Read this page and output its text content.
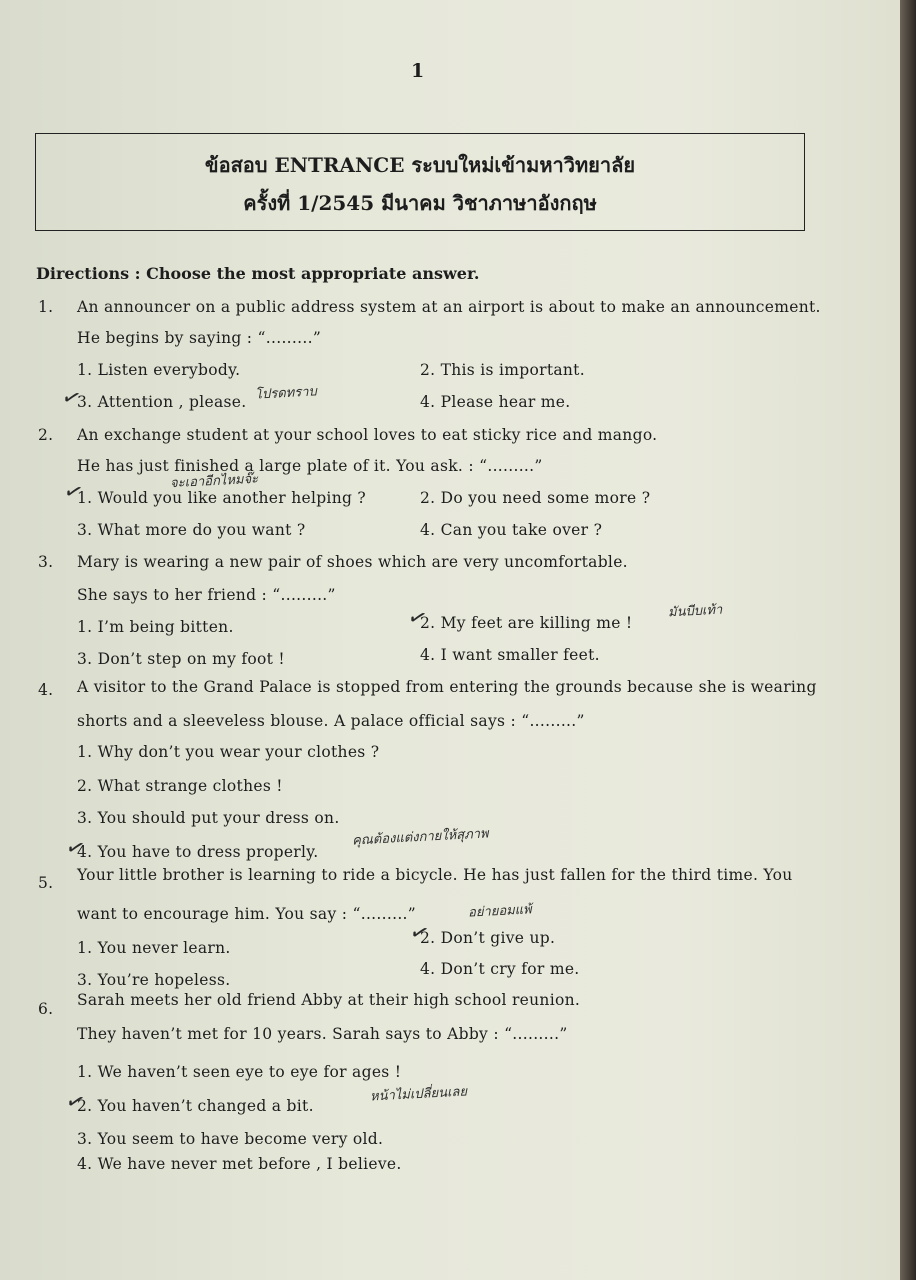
1
ข้อสอบ ENTRANCE ระบบใหม่เข้ามหาวิทยาลัย
ครั้งที่ 1/2545 มีนาคม วิชาภาษาอังกฤษ
Directions : Choose the most appropriate answer.
1. An announcer on a public address system at an airport is about to make an announcement.
He begins by saying : “.........”
1. Listen everybody.	2. This is important.
3. Attention , please.	4. Please hear me.
2. An exchange student at your school loves to eat sticky rice and mango.
He has just finished a large plate of it. You ask. : “.........”
1. Would you like another helping ?	2. Do you need some more ?
3. What more do you want ?	4. Can you take over ?
3. Mary is wearing a new pair of shoes which are very uncomfortable.
She says to her friend : “.........”
1. I’m being bitten.	2. My feet are killing me !
3. Don’t step on my foot !	4. I want smaller feet.
4. A visitor to the Grand Palace is stopped from entering the grounds because she is wearing
shorts and a sleeveless blouse. A palace official says : “.........”
1. Why don’t you wear your clothes ?
2. What strange clothes !
3. You should put your dress on.
4. You have to dress properly.
5. Your little brother is learning to ride a bicycle. He has just fallen for the third time. You
want to encourage him. You say : “.........”
1. You never learn.
2. Don’t give up.
3. You’re hopeless.
4. Don’t cry for me.
6. Sarah meets her old friend Abby at their high school reunion.
They haven’t met for 10 years. Sarah says to Abby : “.........”
1. We haven’t seen eye to eye for ages !
2. You haven’t changed a bit.
3. You seem to have become very old.
4. We have never met before , I believe.
โปรดทราบ
จะเอาอีกไหมจ๊ะ
มันบีบเท้า
คุณต้องแต่งกายให้สุภาพ
อย่ายอมแพ้
หน้าไม่เปลี่ยนเลย
✓
✓
✓
✓
✓
✓
